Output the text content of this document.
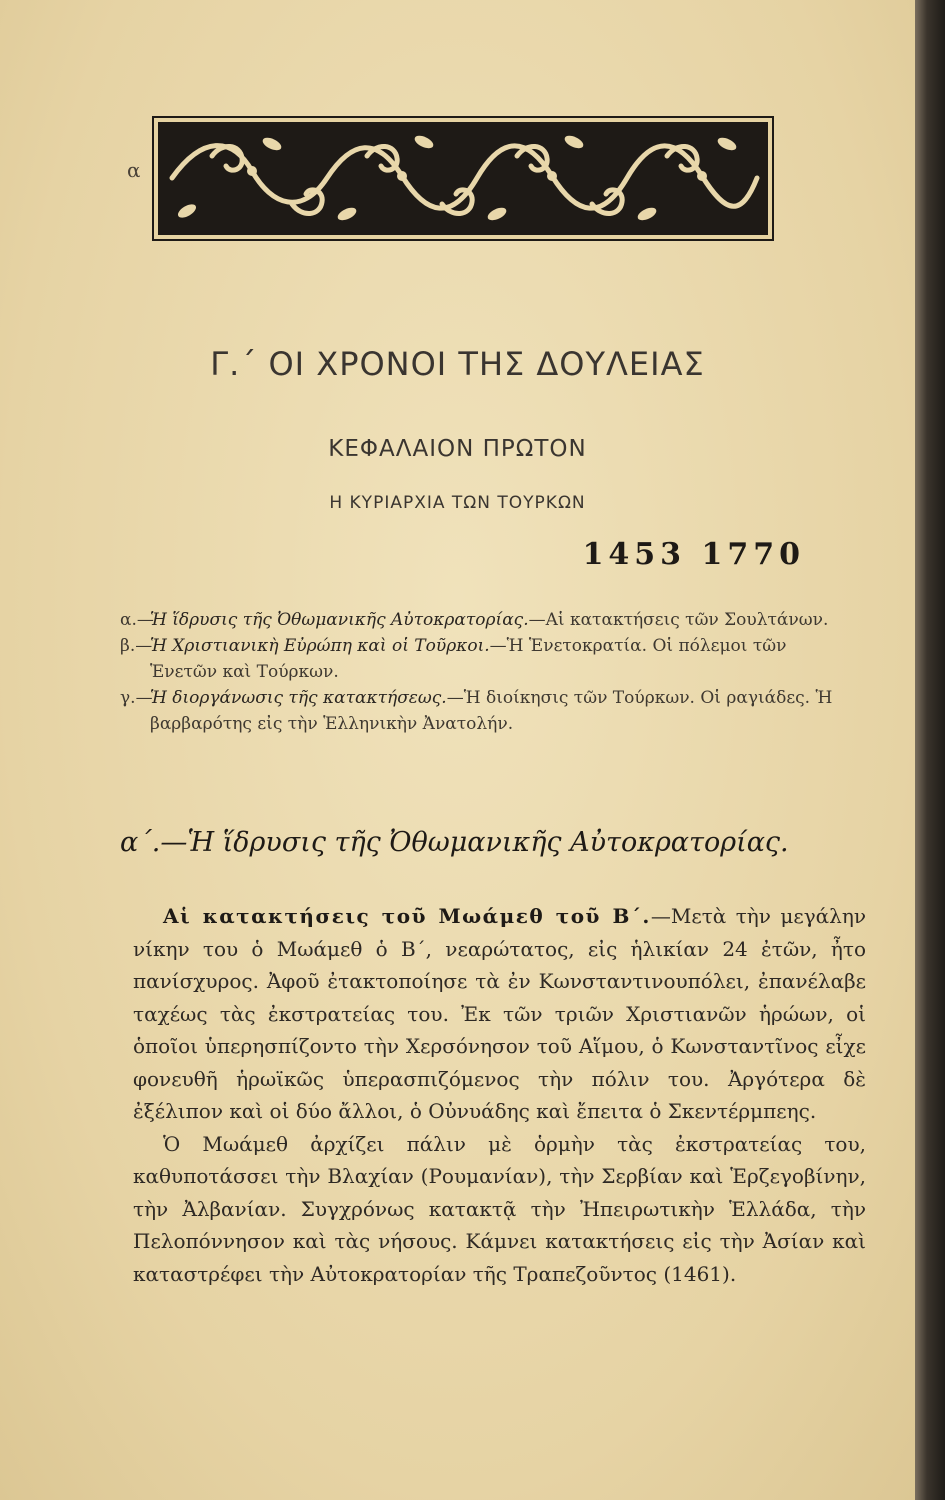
α
Γ.΄ ΟΙ ΧΡΟΝΟΙ ΤΗΣ ΔΟΥΛΕΙΑΣ
ΚΕΦΑΛΑΙΟΝ ΠΡΩΤΟΝ
Η ΚΥΡΙΑΡΧΙΑ ΤΩΝ ΤΟΥΡΚΩΝ
1453 1770
α.—
Ἡ ἵδρυσις τῆς Ὀθωμανικῆς Αὐτοκρατορίας.—Αἱ κατακτήσεις τῶν Σουλτάνων.
β.—
Ἡ Χριστιανικὴ Εὐρώπη καὶ οἱ Τοῦρκοι.—Ἡ Ἑνετοκρατία. Οἱ πόλεμοι τῶν Ἑνετῶν καὶ Τούρκων.
γ.—
Ἡ διοργάνωσις τῆς κατακτήσεως.—Ἡ διοίκησις τῶν Τούρκων. Οἱ ραγιάδες. Ἡ βαρβαρότης εἰς τὴν Ἑλληνικὴν Ἀνατολήν.
α΄.—Ἡ ἵδρυσις τῆς Ὀθωμανικῆς Αὐτοκρατορίας.

Αἱ κατακτήσεις τοῦ Μωάμεθ τοῦ Β΄.—Μετὰ τὴν μεγάλην νίκην του ὁ Μωάμεθ ὁ Β΄, νεαρώτατος, εἰς ἡλικίαν 24 ἐτῶν, ἦτο πανίσχυρος. Ἀφοῦ ἐτακτοποίησε τὰ ἐν Κωνσταντινουπόλει, ἐπανέλαβε ταχέως τὰς ἐκστρατείας του. Ἐκ τῶν τριῶν Χριστιανῶν ἡρώων, οἱ ὁποῖοι ὑπερησπίζοντο τὴν Χερσόνησον τοῦ Αἵμου, ὁ Κωνσταντῖνος εἶχε φονευθῆ ἡρωϊκῶς ὑπερασπιζόμενος τὴν πόλιν του. Ἀργότερα δὲ ἐξέλιπον καὶ οἱ δύο ἄλλοι, ὁ Οὐνυάδης καὶ ἔπειτα ὁ Σκεντέρμπεης.

Ὁ Μωάμεθ ἀρχίζει πάλιν μὲ ὁρμὴν τὰς ἐκστρατείας του, καθυποτάσσει τὴν Βλαχίαν (Ρουμανίαν), τὴν Σερβίαν καὶ Ἑρζεγοβίνην, τὴν Ἀλβανίαν. Συγχρόνως κατακτᾷ τὴν Ἠπειρωτικὴν Ἑλλάδα, τὴν Πελοπόννησον καὶ τὰς νήσους. Κάμνει κατακτήσεις εἰς τὴν Ἀσίαν καὶ καταστρέφει τὴν Αὐτοκρατορίαν τῆς Τραπεζοῦντος (1461).
